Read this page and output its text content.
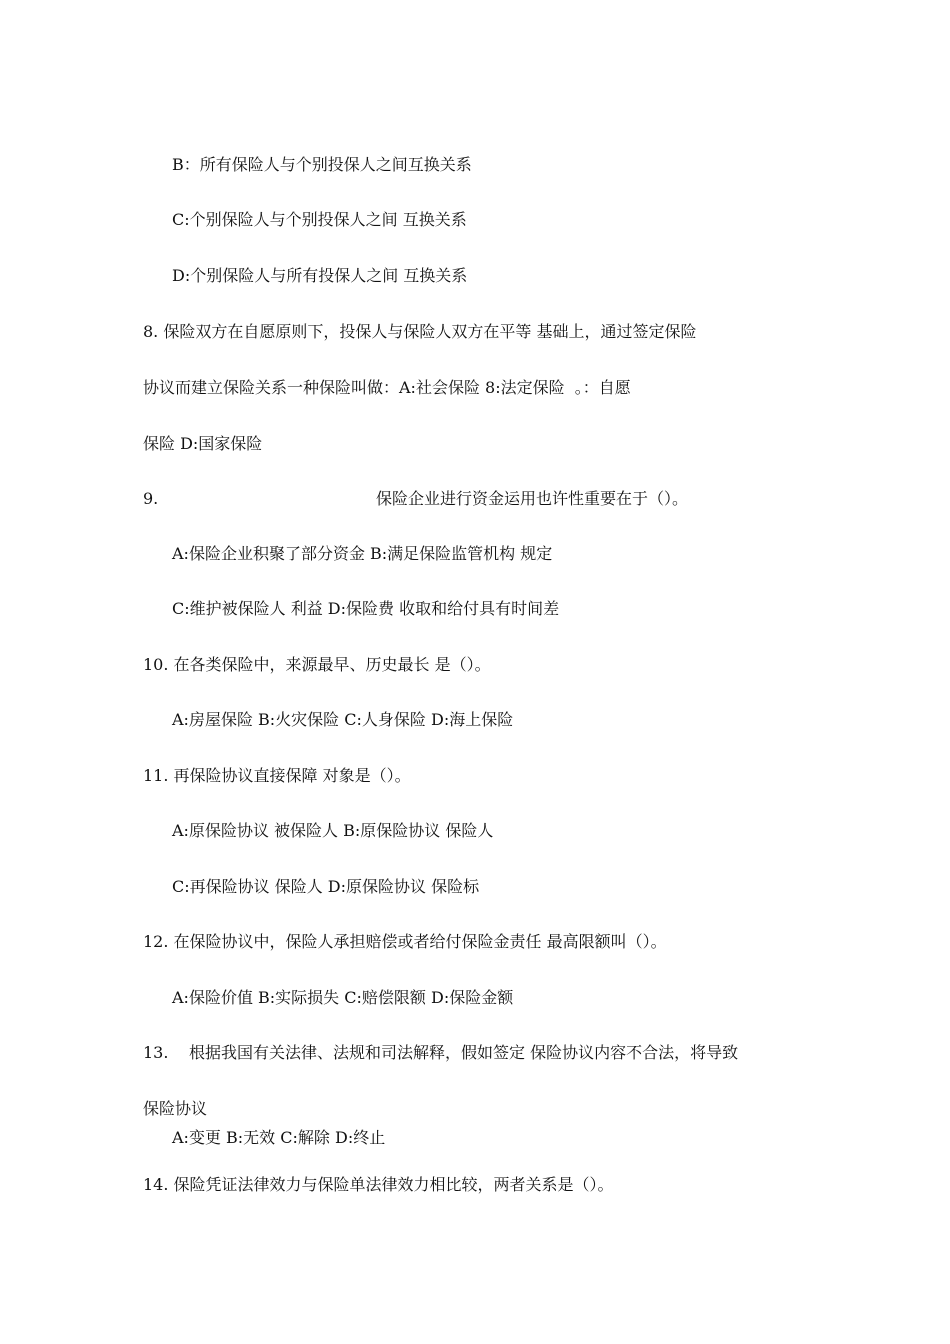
B：所有保险人与个别投保人之间互换关系
C:个别保险人与个别投保人之间 互换关系
D:个别保险人与所有投保人之间 互换关系
8. 保险双方在自愿原则下，投保人与保险人双方在平等 基础上，通过签定保险
协议而建立保险关系一种保险叫做：A:社会保险 8:法定保险  。：自愿
保险 D:国家保险
9.	保险企业进行资金运用也许性重要在于（）。
A:保险企业积聚了部分资金 B:满足保险监管机构 规定
C:维护被保险人 利益 D:保险费 收取和给付具有时间差
10. 在各类保险中，来源最早、历史最长 是（）。
A:房屋保险 B:火灾保险 C:人身保险 D:海上保险
11. 再保险协议直接保障 对象是（）。
A:原保险协议 被保险人 B:原保险协议 保险人
C:再保险协议 保险人 D:原保险协议 保险标
12. 在保险协议中，保险人承担赔偿或者给付保险金责任 最高限额叫（）。
A:保险价值 B:实际损失 C:赔偿限额 D:保险金额
13. 根据我国有关法律、法规和司法解释，假如签定 保险协议内容不合法，将导致
保险协议
A:变更 B:无效 C:解除 D:终止
14. 保险凭证法律效力与保险单法律效力相比较，两者关系是（）。
